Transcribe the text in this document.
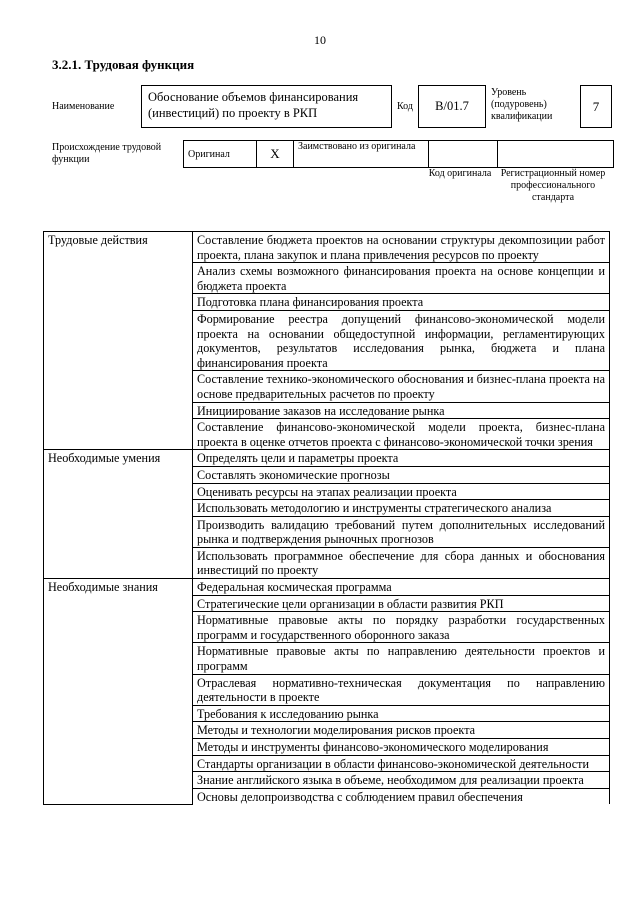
10
3.2.1. Трудовая функция
Наименование
Обоснование объемов финансирования (инвестиций) по проекту в РКП	Код	B/01.7
Уровень (подуровень) квалификации
7
Происхождение трудовой функции	Оригинал	X	Заимствовано из оригинала		
Код оригинала Регистрационный номер профессионального стандарта
Трудовые действия	Составление бюджета проектов на основании структуры декомпозиции работ проекта, плана закупок и плана привлечения ресурсов по проекту
	Анализ схемы возможного финансирования проекта на основе концепции и бюджета проекта
	Подготовка плана финансирования проекта
	Формирование реестра допущений финансово-экономической модели проекта на основании общедоступной информации, регламентирующих документов, результатов исследования рынка, бюджета и плана финансирования проекта
	Составление технико-экономического обоснования и бизнес-плана проекта на основе предварительных расчетов по проекту
	Инициирование заказов на исследование рынка
	Составление финансово-экономической модели проекта, бизнес-плана проекта в оценке отчетов проекта с финансово-экономической точки зрения
Необходимые умения	Определять цели и параметры проекта
	Составлять экономические прогнозы
	Оценивать ресурсы на этапах реализации проекта
	Использовать методологию и инструменты стратегического анализа
	Производить валидацию требований путем дополнительных исследований рынка и подтверждения рыночных прогнозов
	Использовать программное обеспечение для сбора данных и обоснования инвестиций по проекту
Необходимые знания	Федеральная космическая программа
	Стратегические цели организации в области развития РКП
	Нормативные правовые акты по порядку разработки государственных программ и государственного оборонного заказа
	Нормативные правовые акты по направлению деятельности проектов и программ
	Отраслевая нормативно-техническая документация по направлению деятельности в проекте
	Требования к исследованию рынка
	Методы и технологии моделирования рисков проекта
	Методы и инструменты финансово-экономического моделирования
	Стандарты организации в области финансово-экономической деятельности
	Знание английского языка в объеме, необходимом для реализации проекта
	Основы делопроизводства с соблюдением правил обеспечения
